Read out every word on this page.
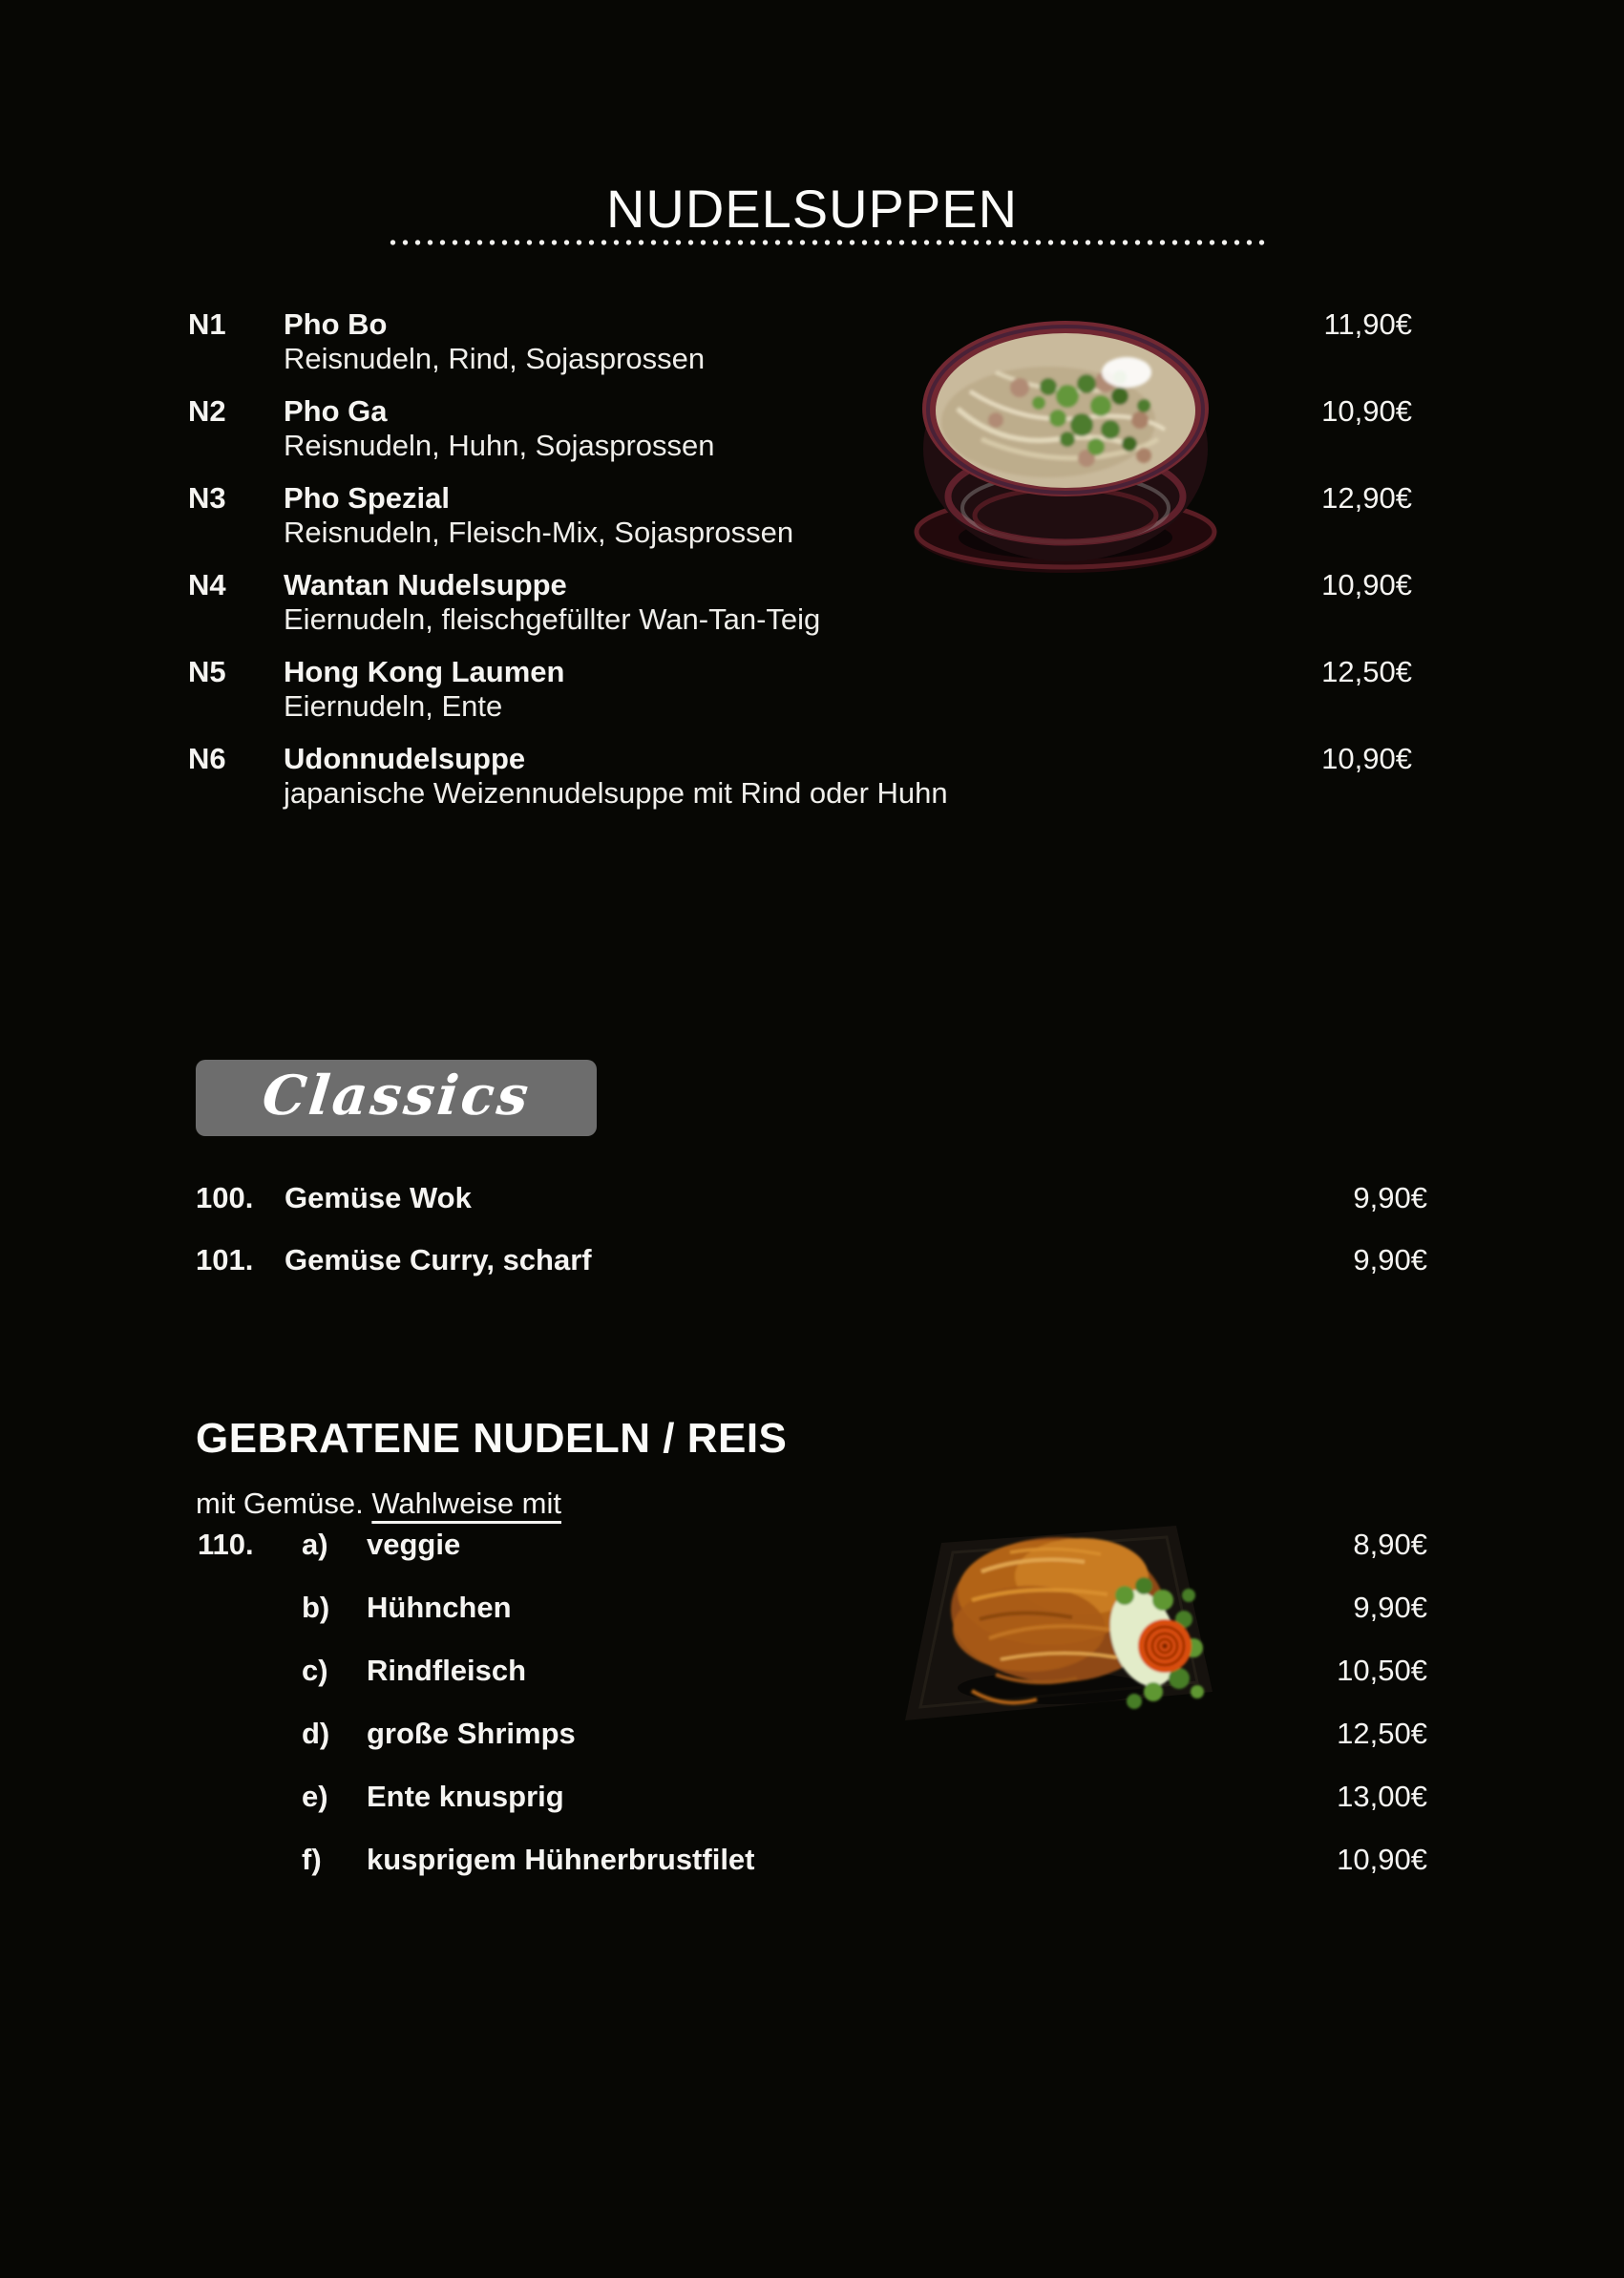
NUDELSUPPEN
N1 Pho Bo
Reisnudeln, Rind, Sojasprossen
11,90€
N2 Pho Ga
Reisnudeln, Huhn, Sojasprossen
10,90€
N3 Pho Spezial
Reisnudeln, Fleisch-Mix, Sojasprossen
12,90€
N4 Wantan Nudelsuppe
Eiernudeln, fleischgefüllter Wan-Tan-Teig
10,90€
N5 Hong Kong Laumen
Eiernudeln, Ente
12,50€
N6 Udonnudelsuppe
japanische Weizennudelsuppe mit Rind oder Huhn
10,90€
Classics
100. Gemüse Wok	9,90€
101. Gemüse Curry, scharf	9,90€
GEBRATENE NUDELN / REIS
mit Gemüse. Wahlweise mit
110. a) veggie	8,90€
b) Hühnchen	9,90€
c) Rindfleisch	10,50€
d) große Shrimps	12,50€
e) Ente knusprig	13,00€
f) kusprigem Hühnerbrustfilet	10,90€
